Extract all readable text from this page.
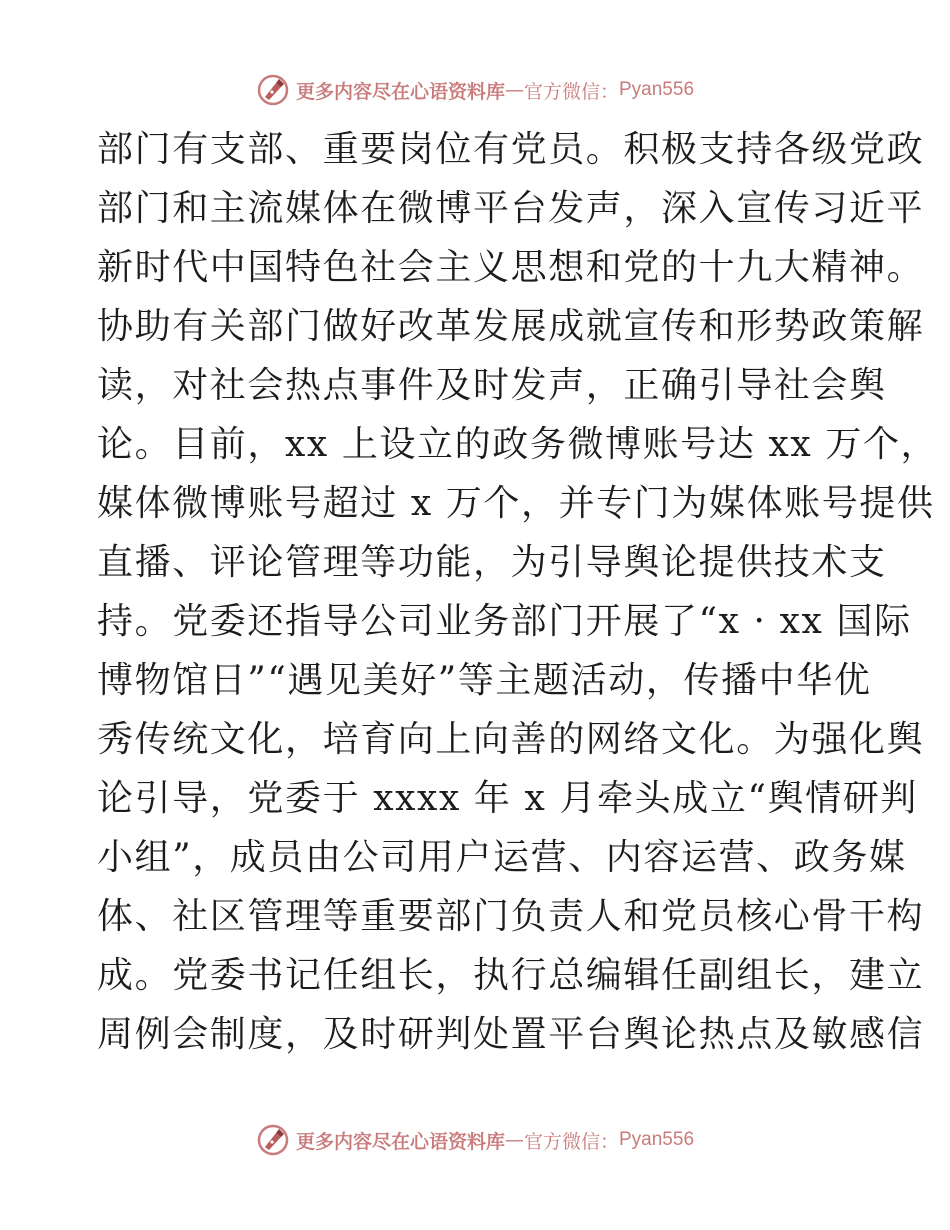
更多内容尽在心语资料库 — 官方微信： Pyan556
部门有支部、重要岗位有党员。积极支持各级党政
部门和主流媒体在微博平台发声，深入宣传习近平
新时代中国特色社会主义思想和党的十九大精神。
协助有关部门做好改革发展成就宣传和形势政策解
读，对社会热点事件及时发声，正确引导社会舆
论。目前，xx 上设立的政务微博账号达 xx 万个，
媒体微博账号超过 x 万个，并专门为媒体账号提供
直播、评论管理等功能，为引导舆论提供技术支
持。党委还指导公司业务部门开展了“x · xx 国际
博物馆日”“遇见美好”等主题活动，传播中华优
秀传统文化，培育向上向善的网络文化。为强化舆
论引导，党委于 xxxx 年 x 月牵头成立“舆情研判
小组”，成员由公司用户运营、内容运营、政务媒
体、社区管理等重要部门负责人和党员核心骨干构
成。党委书记任组长，执行总编辑任副组长，建立
周例会制度，及时研判处置平台舆论热点及敏感信
更多内容尽在心语资料库 — 官方微信： Pyan556
